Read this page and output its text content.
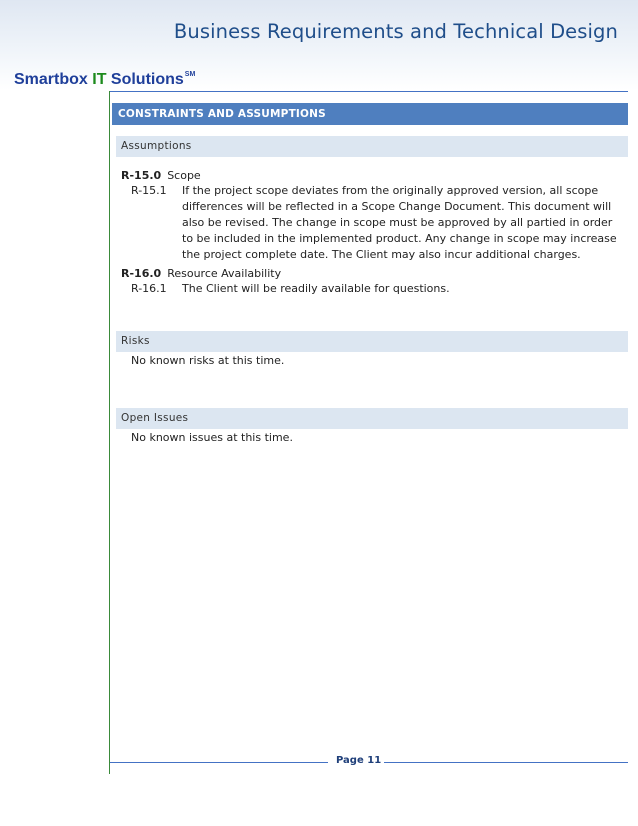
Business Requirements and Technical Design
Smartbox IT Solutions℠
CONSTRAINTS AND ASSUMPTIONS
Assumptions
R-15.0 Scope
R-15.1 If the project scope deviates from the originally approved version, all scope differences will be reflected in a Scope Change Document. This document will also be revised. The change in scope must be approved by all partied in order to be included in the implemented product. Any change in scope may increase the project complete date. The Client may also incur additional charges.
R-16.0 Resource Availability
R-16.1 The Client will be readily available for questions.
Risks
No known risks at this time.
Open Issues
No known issues at this time.
Page 11
